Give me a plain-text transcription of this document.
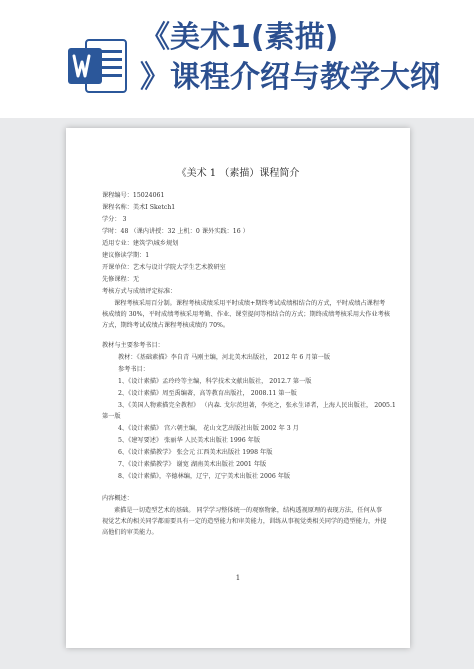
《美术1(素描)
》课程介绍与教学大纲
《美术 1 （素描）课程简介
课程编号：15024061
课程名称：美术Ⅰ Sketch1
学分： 3
学时：48 （课内讲授：32 上机：0 课外实践：16 ）
适用专业：建筑学\城乡规划
建议修读学期：1
开课单位：艺术与设计学院大学生艺术教研室
先修课程：无
考核方式与成绩评定标准：
课程考核采用百分制。课程考核成绩采用平时成绩+期终考试成绩相结合的方式，平时成绩占课程考
核成绩的 30%，平时成绩考核采用考勤、作业、课堂提问等相结合的方式；期终成绩考核采用大作业考核
方式，期终考试成绩占课程考核成绩的 70%。
教材与主要参考书目：
教材：《基础素描》李自青 马刚主编，河北美术出版社， 2012 年 6 月第一版
参考书目：
1、《设计素描》孟玲玲等主编，科学技术文献出版社， 2012.7 第一版
2、《设计素描》周至禹编著，高等教育出版社， 2008.11 第一版
3、《美国人物素描完全教程》 （内森. 戈尔茨坦著，李亮之，张永生译者，上海人民出版社， 2005.1
第一版
4、《设计素描》 宫六朝主编， 花山文艺出版社出版 2002 年 3 月
5、《建写要述》 张丽华 人民美术出版社 1996 年版
6、《设计素描教学》 张会元 江西美术出版社 1998 年版
7、《设计素描教学》 谢宽 湖南美术出版社 2001 年版
8、《设计素描》，辛德林编，辽宁，辽宁美术出版社 2006 年版
内容概述：
素描是一切造型艺术的基础。 同学学习整体统一的观察物象，结构透视原理的表现方法，任何从事
视觉艺术的相关同学都需要具有一定的造型能力和审美能力，训练从事视觉类相关同学的造型能力，并提
高他们的审美能力。
1
